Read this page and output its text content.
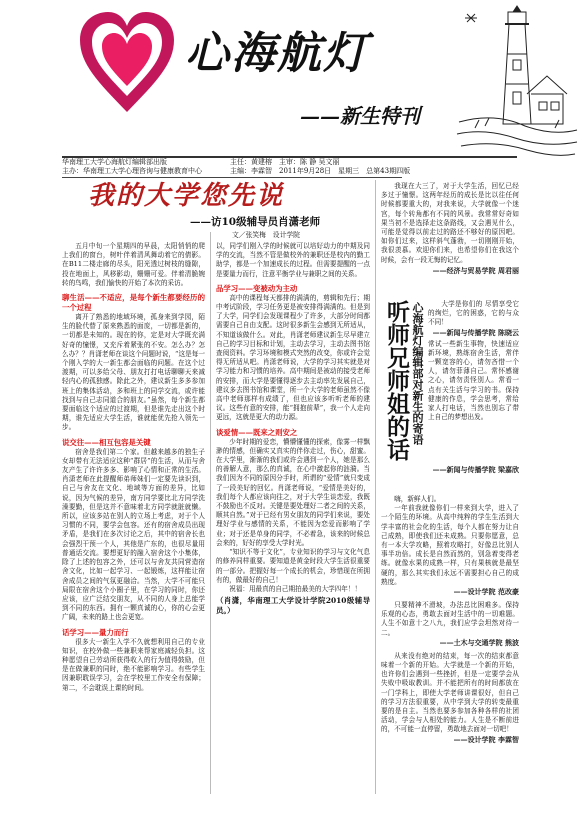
心海航灯
——新生特刊
华南理工大学心海航灯编辑部出版	主任：黄建榕　主审：陈 静 吴文丽
主办：华南理工大学心理咨询与健康教育中心	主编：李霖智　2011年9月28日　星期三　总第43期四版
我的大学您先说
——访10级辅导员肖潇老师
文／张笑梅　设计学院

五月中旬一个星期四的早晨，太阳悄悄的爬上我们的窗台，树叶伴着清风舞动着它的倩影。在B11二楼走廊的尽头，阳光透过树枝的缝隙，投在地面上，风移影动，姗姗可爱。伴着清脆婉转的鸟鸣，我们愉快的开始了本次的采访。

聊生活——不适应，是每个新生都要经历的一个过程

离开了熟悉的地域环境，孤身来到学园，陌生的脸代替了原来熟悉的面庞，一切都是新的，一切都是未知的。现在的你，定是对大学既充满好奇的憧憬，又充斥着紧张的不安。怎么办？怎么办？？肖潇老师在谈这个问题时说，“这是每一个刚入学的大一新生都会面临的问题。在这个过渡期，可以多给父母、朋友打打电话聊聊天来减轻内心的孤独感。除此之外，建议新生多多参加班上的集体活动，多和班上的同学交流，或许能找到与自己志同道合的朋友。”虽然，每个新生都要面临这个适应的过渡期，但是谁先走出这个时期，谁先适应大学生活，谁就能优先抢入领先一步。

说交往——相互包容是关键

宿舍是我们第二个家。但越来越多的独生子女却带有无法适应这种“群居”的生活，从而与舍友产生了许许多多、影响了心情和正常的生活。肖潇老师在此提醒师弟师妹们一定要先读识到，自己与舍友在文化、地域等方面的差异，比如说，因为气候的差异，南方同学要比北方同学洗澡要勤，但是这并不意味着北方同学就脏就懒。所以，应该多站在别人的立场上考虑，对于个人习惯的不同，要学会包容。还有的宿舍成员出现矛盾，是我们在多次讨论之后，其中的宿舍长也会强烈干预一个人，其他是广东的，也很尽量用普通话交流。要想更好的融入宿舍这个小集体，除了上述的包容之外，还可以与舍友共同营造宿舍文化，比如一起学习、一起锻炼，这样能让宿舍成员之间的气氛更融洽。当然，大学不可能只局限在宿舍这个小圈子里，在学习的同时，你还应该，应广泛结交朋友，从不同的人身上总能学到不同的东西。拥有一颗真诚的心，你的心会更广阔，未来的路上也会更宽。

话学习——量力而行

很多大一新生入学不久就想利用自己的专业知识，在校外做一些兼职来帮家庭减轻负担。这种愿望自己劳动所获得收入的行为值得鼓励，但是在做兼职的同时，绝不能影响学习。有些学生因兼职耽误学习，会在学校里工作安全有保障；第二，不会耽误上课的时间。

以，同学们刚入学的时候就可以培好动力的中期及同学的交流，当然不管是做校外的兼职还是校内的勤工助学，都是一个加速成长的过程。但需要提醒的一点是要量力而行，注意平衡学业与兼职之间的关系。

品学习——变被动为主动

高中的课程每天都排的满满的，剪辑和先行；期中考试阶段，学习任务更是被安排得满满的。但是到了大学，同学们会发现课程少了许多，大部分时间都需要自己自由支配。这时很多新生会感到无所适从，不知道该做什么。对此，肖潇老师建议新生尽早建立自己的学习目标和计划，主动去学习，主动去图书馆查阅资料。学习环境和模式突然的改变，你或许会觉得无所适从吧。肖潇老师说，大学的学习其实就是对学习能力和习惯的培养。高中期间是被动的接受老师的安排，而大学是要懂得逐步去主动率先发展自己，建议多去图书馆和课堂，所一个大学的老师虽然不像高中老师那样有成绩了，但也应该多听听老师的建议。这些有意的安排，能“拥抱前辈”，我一个人走向更远，这就是更大的动力源。

谈爱情——既来之则安之

少年时期的爱恋，懵懵懂懂的探索，像雾一样飘渺的情感，但确实又真实的伴你走过，伤心，甜蜜。在大学里，渐渐的我们或许会遇到一个人，她是那么的善解人意，那么的真诚，在心中激起你的涟漪。当我们因为不同的原因分手时，所谓的“爱情”就只变成了一段美好的回忆。肖潇老师说，“爱情是美好的，我们每个人都应该向往之，对于大学生谈恋爱，我既不鼓励也不反对。关键是要处理好二者之间的关系，顺其自然。”对于已经有男女朋友的同学们来说，要处理好学业与感情的关系，不能因为恋爱而影响了学业；对于还是单身的同学，不必着急，该来的时候总会来的，好好的享受大学时光。

“知识不等于文化”，专业知识的学习与文化气息的修养同样重要。要知道是黄金时段大学生活很重要的一部分。把握好每一个成长的机会，珍惜现在所拥有的，做最好的自己！

祝福：用最真的自己期拍最美的大学四年！！

（肖潇，华南理工大学设计学院2010级辅导员。）

我现在大三了，对于大学生活，回忆已经多过于憧憬。这两年经历的成长是比以往任何时候都要重大的，对我来说，大学就像一个迷宫，每个转角都有不同的风景。我常常好奇如果当初不是选择走这条路线，又会遇见什么，可能是觉得以前走过的路还不够好的原因吧。如你们过来，这样斜气蓬勃，一切刚刚开始，我很羡慕。欢迎你们来，也希望你们在我这个时候，会有一段无悔的记忆。

——经济与贸易学院 周君丽
听师兄师姐的话 心海航灯编辑部对新生的寄语	大学是你们的 尽情享受它的绚烂，它的困惑，它的与众不同！

——新闻与传播学院 陈晓云

常试一些新生事物，快速适应新环境，熟练宿舍生活，常伴一颗宽容的心，请勿吝惜一个人，请勿菲薄自己。常怀感谢之心，请勿责怪别人。常看一点有关生活与学习的书。保持健康的作息，学会思考，常给家人打电话，当然也别忘了带上自己的梦想出发。

——新闻与传播学院 梁嘉欣

嗨，新鲜人们。

一年前我就像你们一样来到大学，进入了一个陌生的环境。从高中纯粹的学生生活到大学丰富的社会化的生活，每个人都在努力让自己成熟，即使我们还未成熟。只要你愿意，总有一本大学攻略，照着攻略打，好像总比别人事半功倍。成长是自然而然的，别急着变得老练。就像水果的成熟一样，只有果核就是最坚硬的，那么其实我们永远不需要担心自己的成熟度。

——设计学院 范改豪

只要精神不滑坡，办法总比困难多。保持乐观的心态，勇敢去面对生活中的一切难题。人生不如意十之八九，我们应学会坦然对待一二。

——土木与交通学院 熊波

从来没有绝对的结束，每一次的结束都意味着一个新的开始。大学就是一个新的开始，也许你们会遇到一些挫折，但是一定要学会从失败中吸取教训。并不能把所有的时间都放在一门学科上，即使大学老师讲课很好，但自己的学习方法很重要，从中学到大学的转变最重要的是自主。当然也要多参加各种各样的社团活动，学会与人相处的能力。人生是不断前进的，不可能一直停留，勇敢地去面对一切吧！

——设计学院 李霖智
